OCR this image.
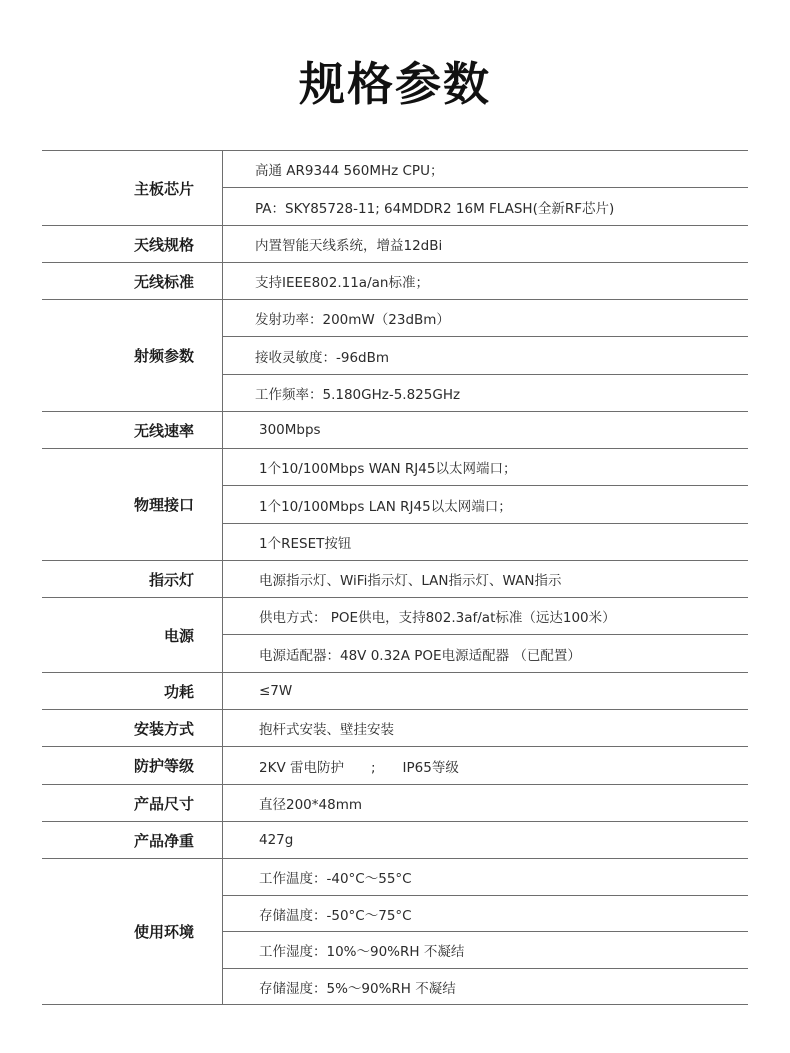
规格参数
主板芯片	高通 AR9344 560MHz CPU；
	PA：SKY85728-11; 64MDDR2 16M FLASH(全新RF芯片)
天线规格	内置智能天线系统，增益12dBi
无线标准	支持IEEE802.11a/an标准；
射频参数	发射功率：200mW（23dBm）
	接收灵敏度：-96dBm
	工作频率：5.180GHz-5.825GHz
无线速率	300Mbps
物理接口	1个10/100Mbps WAN RJ45以太网端口；
	1个10/100Mbps LAN RJ45以太网端口；
	1个RESET按钮
指示灯	电源指示灯、WiFi指示灯、LAN指示灯、WAN指示
电源	供电方式： POE供电，支持802.3af/at标准（远达100米）
	电源适配器：48V 0.32A POE电源适配器 （已配置）
功耗	≤7W
安装方式	抱杆式安装、壁挂安装
防护等级	2KV 雷电防护　　;　　IP65等级
产品尺寸	直径200*48mm
产品净重	427g
使用环境	工作温度：-40°C～55°C
	存储温度：-50°C～75°C
	工作湿度：10%～90%RH 不凝结
	存储湿度：5%～90%RH 不凝结
